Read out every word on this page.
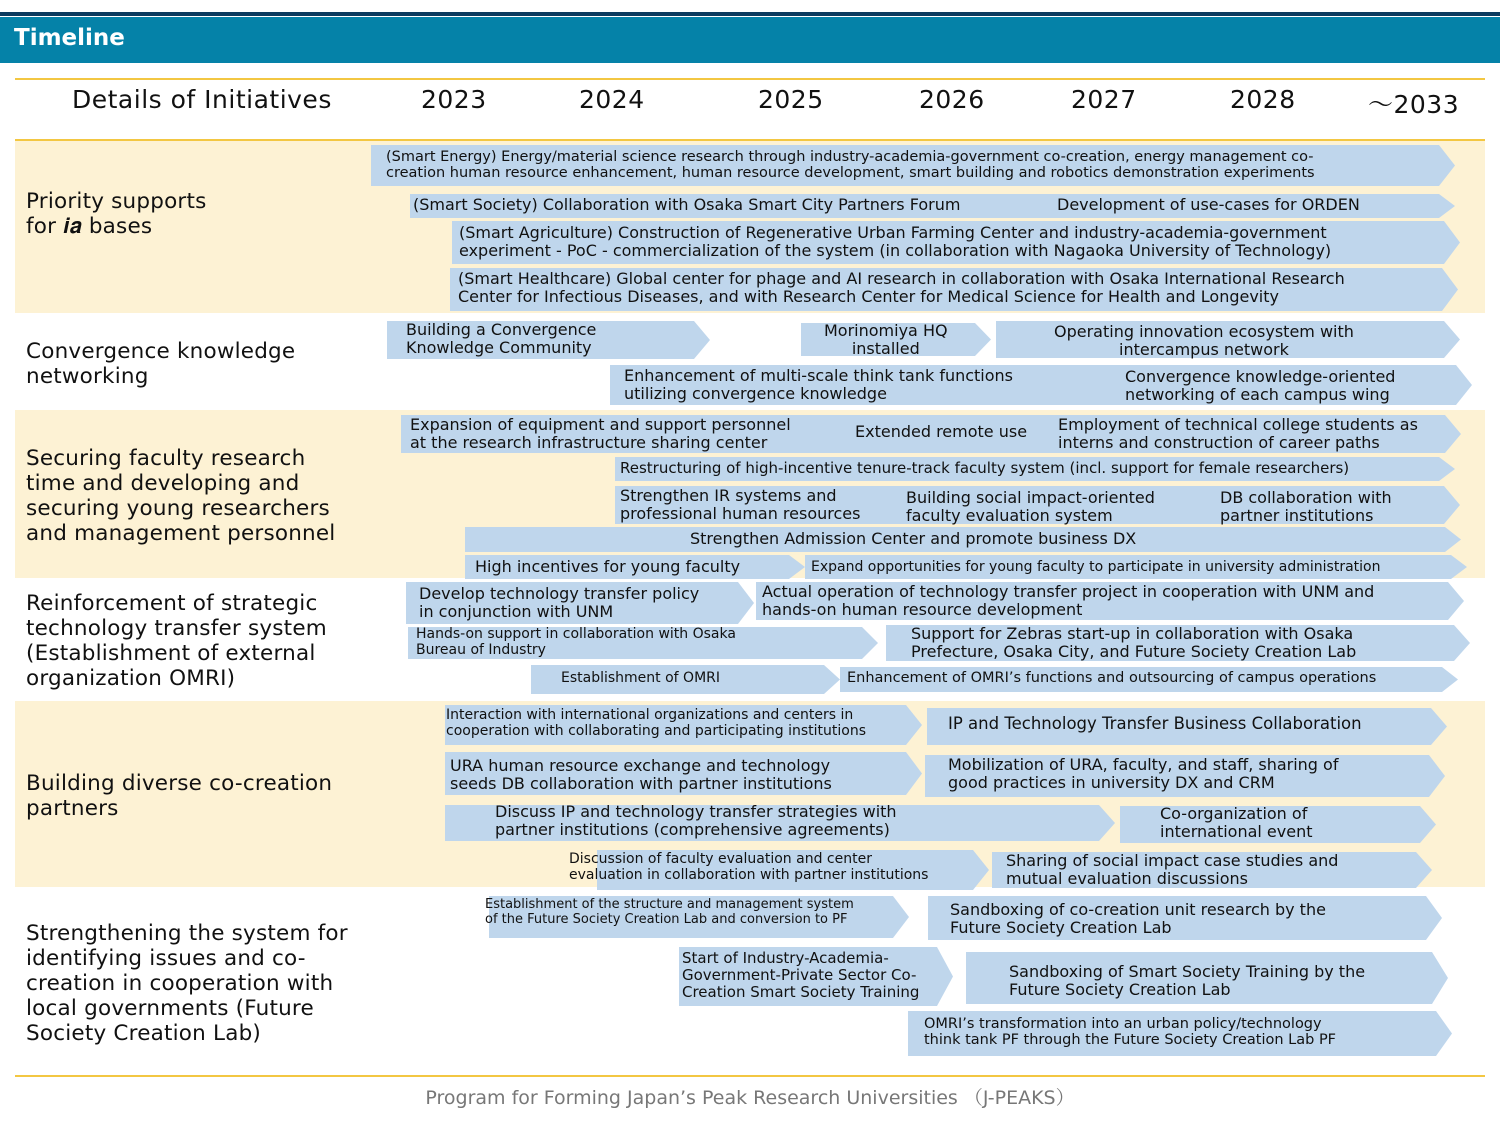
Timeline
Details of Initiatives	2023	2024	2025	2026	2027	2028	～2033
Priority supports
for 𝒊𝒂 bases
Convergence knowledge
networking
Securing faculty research
time and developing and
securing young researchers
and management personnel
Reinforcement of strategic
technology transfer system
(Establishment of external
organization OMRI)
Building diverse co-creation
partners
Strengthening the system for
identifying issues and co-
creation in cooperation with
local governments (Future
Society Creation Lab)
(Smart Energy) Energy/material science research through industry-academia-government co-creation, energy management co-
creation human resource enhancement, human resource development, smart building and robotics demonstration experiments
(Smart Society) Collaboration with Osaka Smart City Partners Forum	Development of use-cases for ORDEN
(Smart Agriculture) Construction of Regenerative Urban Farming Center and industry-academia-government
experiment - PoC - commercialization of the system (in collaboration with Nagaoka University of Technology)
(Smart Healthcare) Global center for phage and AI research in collaboration with Osaka International Research
Center for Infectious Diseases, and with Research Center for Medical Science for Health and Longevity
Building a Convergence
Knowledge Community
Morinomiya HQ
installed
Operating innovation ecosystem with
intercampus network
Enhancement of multi-scale think tank functions
utilizing convergence knowledge
Convergence knowledge-oriented
networking of each campus wing
Expansion of equipment and support personnel
at the research infrastructure sharing center
Extended remote use Employment of technical college students as
interns and construction of career paths
Restructuring of high-incentive tenure-track faculty system (incl. support for female researchers)
Strengthen IR systems and
professional human resources
Building social impact-oriented
faculty evaluation system
DB collaboration with
partner institutions
Strengthen Admission Center and promote business DX
High incentives for young faculty	Expand opportunities for young faculty to participate in university administration
Develop technology transfer policy
in conjunction with UNM
Actual operation of technology transfer project in cooperation with UNM and
hands-on human resource development
Hands-on support in collaboration with Osaka
Bureau of Industry
Support for Zebras start-up in collaboration with Osaka
Prefecture, Osaka City, and Future Society Creation Lab
Establishment of OMRI	Enhancement of OMRI’s functions and outsourcing of campus operations
Interaction with international organizations and centers in
cooperation with collaborating and participating institutions	IP and Technology Transfer Business Collaboration
URA human resource exchange and technology
seeds DB collaboration with partner institutions
Mobilization of URA, faculty, and staff, sharing of
good practices in university DX and CRM
Discuss IP and technology transfer strategies with
partner institutions (comprehensive agreements)
Co-organization of
international event
Discussion of faculty evaluation and center
evaluation in collaboration with partner institutions
Sharing of social impact case studies and
mutual evaluation discussions
Establishment of the structure and management system
of the Future Society Creation Lab and conversion to PF
Sandboxing of co-creation unit research by the
Future Society Creation Lab
Start of Industry-Academia-
Government-Private Sector Co-
Creation Smart Society Training
Sandboxing of Smart Society Training by the
Future Society Creation Lab
OMRI’s transformation into an urban policy/technology
think tank PF through the Future Society Creation Lab PF
Program for Forming Japan’s Peak Research Universities （J-PEAKS）
